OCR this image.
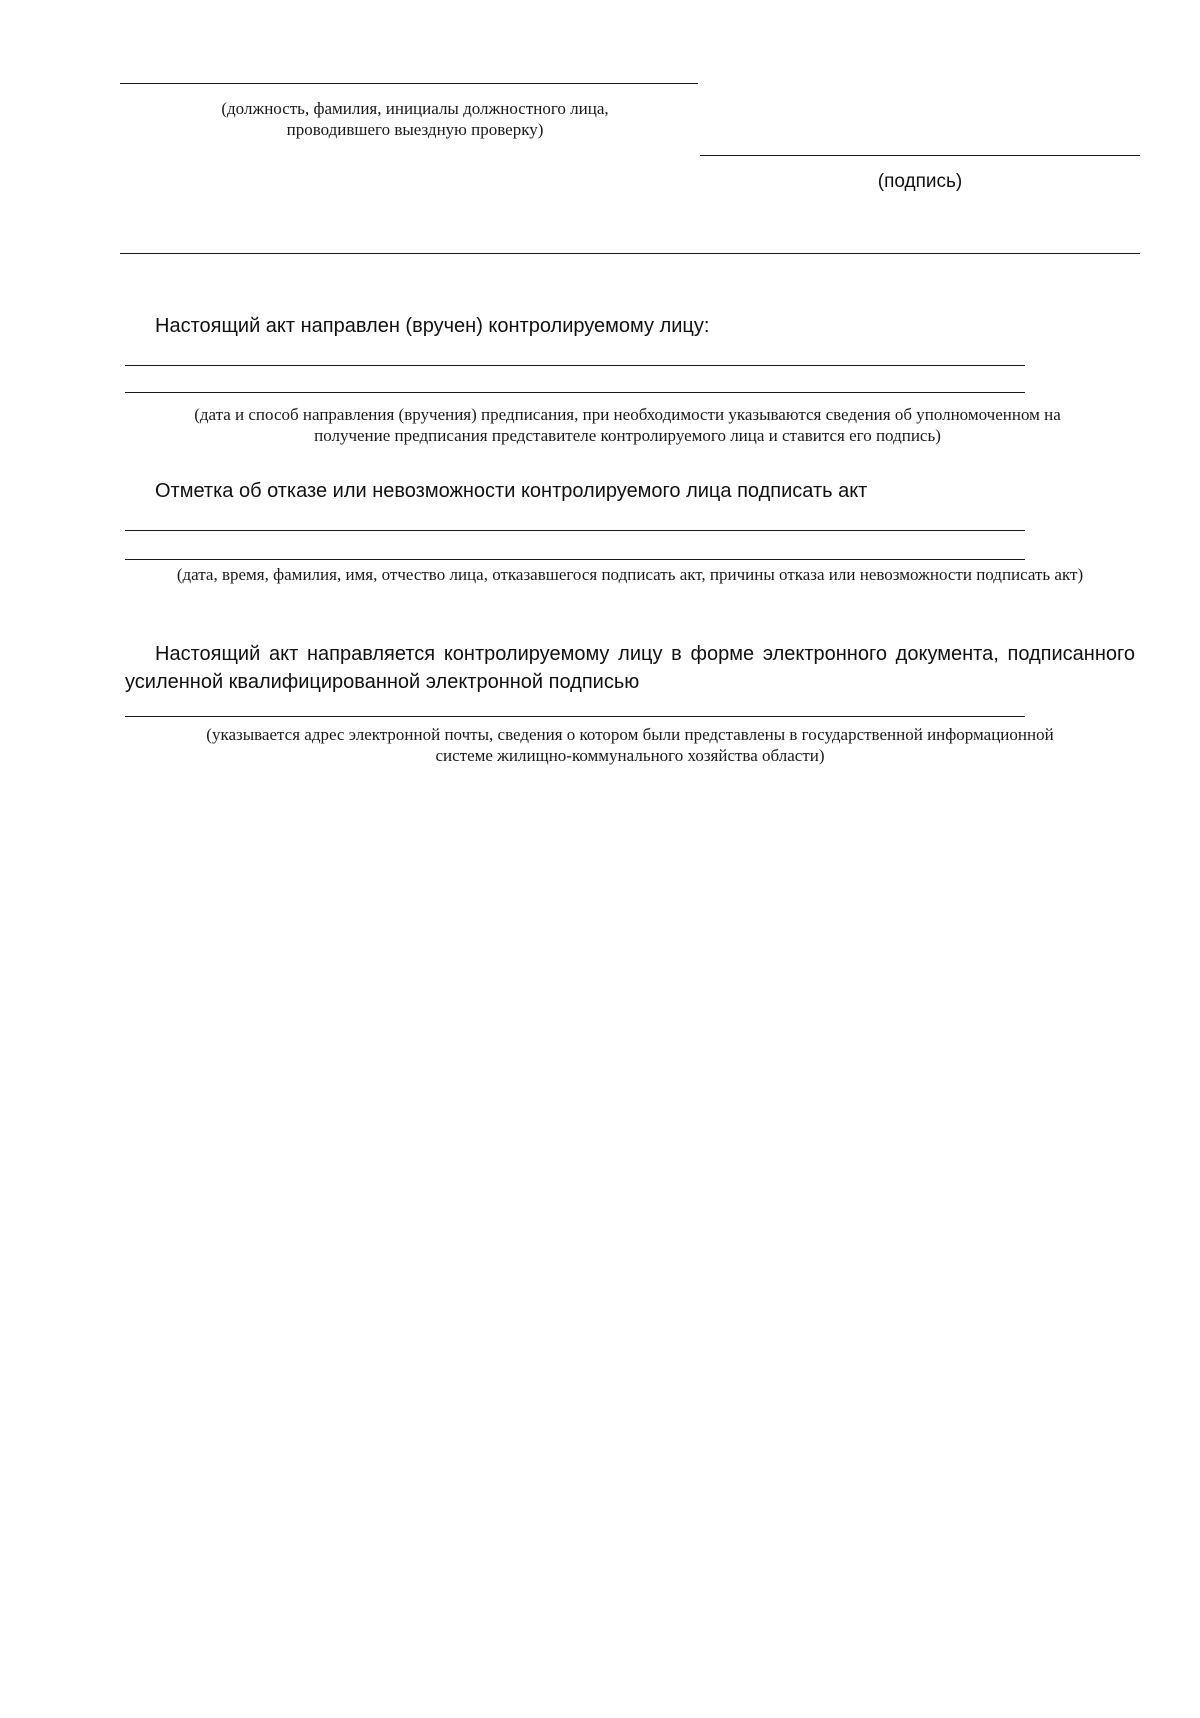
(должность, фамилия, инициалы должностного лица,
проводившего выездную проверку)
(подпись)
Настоящий акт направлен (вручен) контролируемому лицу:
(дата и способ направления (вручения) предписания, при необходимости указываются сведения об уполномоченном на получение предписания представителе контролируемого лица и ставится его подпись)
Отметка об отказе или невозможности контролируемого лица подписать акт
(дата, время, фамилия, имя, отчество лица, отказавшегося подписать акт, причины отказа или невозможности подписать акт)
Настоящий акт направляется контролируемому лицу в форме электронного документа, подписанного усиленной квалифицированной электронной подписью
(указывается адрес электронной почты, сведения о котором были представлены в государственной информационной системе жилищно-коммунального хозяйства области)
